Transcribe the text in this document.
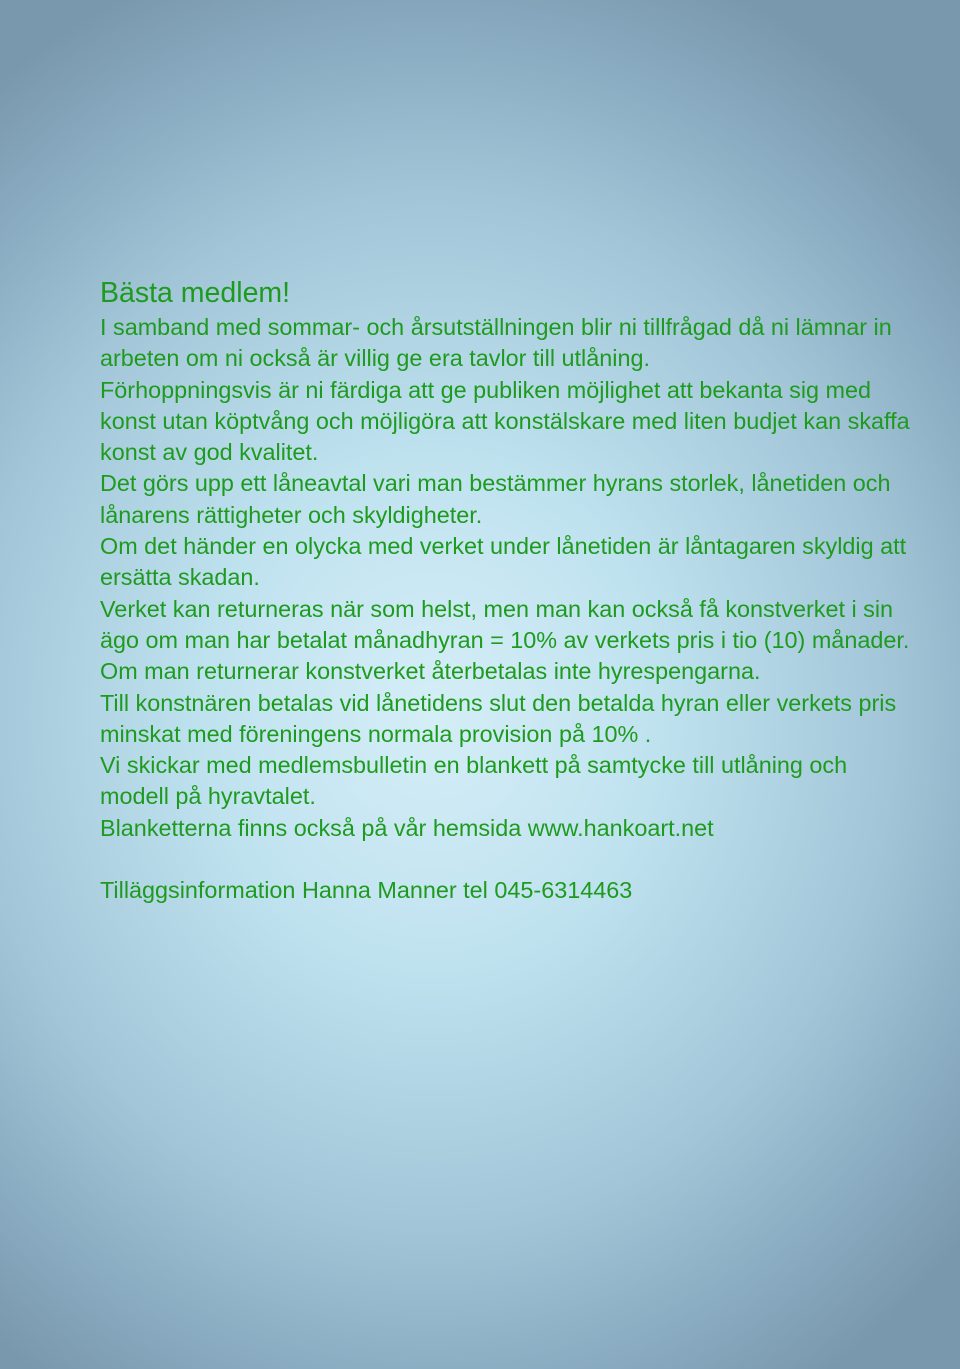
Bästa medlem!
I samband med sommar- och årsutställningen blir ni tillfrågad då ni lämnar in arbeten om ni också är villig ge era tavlor till utlåning.
Förhoppningsvis är ni färdiga att ge publiken möjlighet att bekanta sig med konst utan köptvång och möjligöra att konstälskare med liten budjet kan skaffa konst av god kvalitet.
Det görs upp ett låneavtal vari man bestämmer hyrans storlek, lånetiden och lånarens rättigheter och skyldigheter.
Om det händer en olycka med verket under lånetiden är låntagaren skyldig att ersätta skadan.
Verket kan returneras när som helst, men man kan också få konstverket i sin ägo om man har betalat månadhyran = 10% av verkets pris i tio (10) månader. Om man returnerar konstverket återbetalas inte hyrespengarna.
Till konstnären betalas vid lånetidens slut den betalda hyran eller verkets pris minskat med föreningens normala provision på 10% .
Vi skickar med medlemsbulletin en blankett på samtycke till utlåning och modell på hyravtalet.
Blanketterna finns också på vår hemsida www.hankoart.net

Tilläggsinformation Hanna Manner tel 045-6314463
